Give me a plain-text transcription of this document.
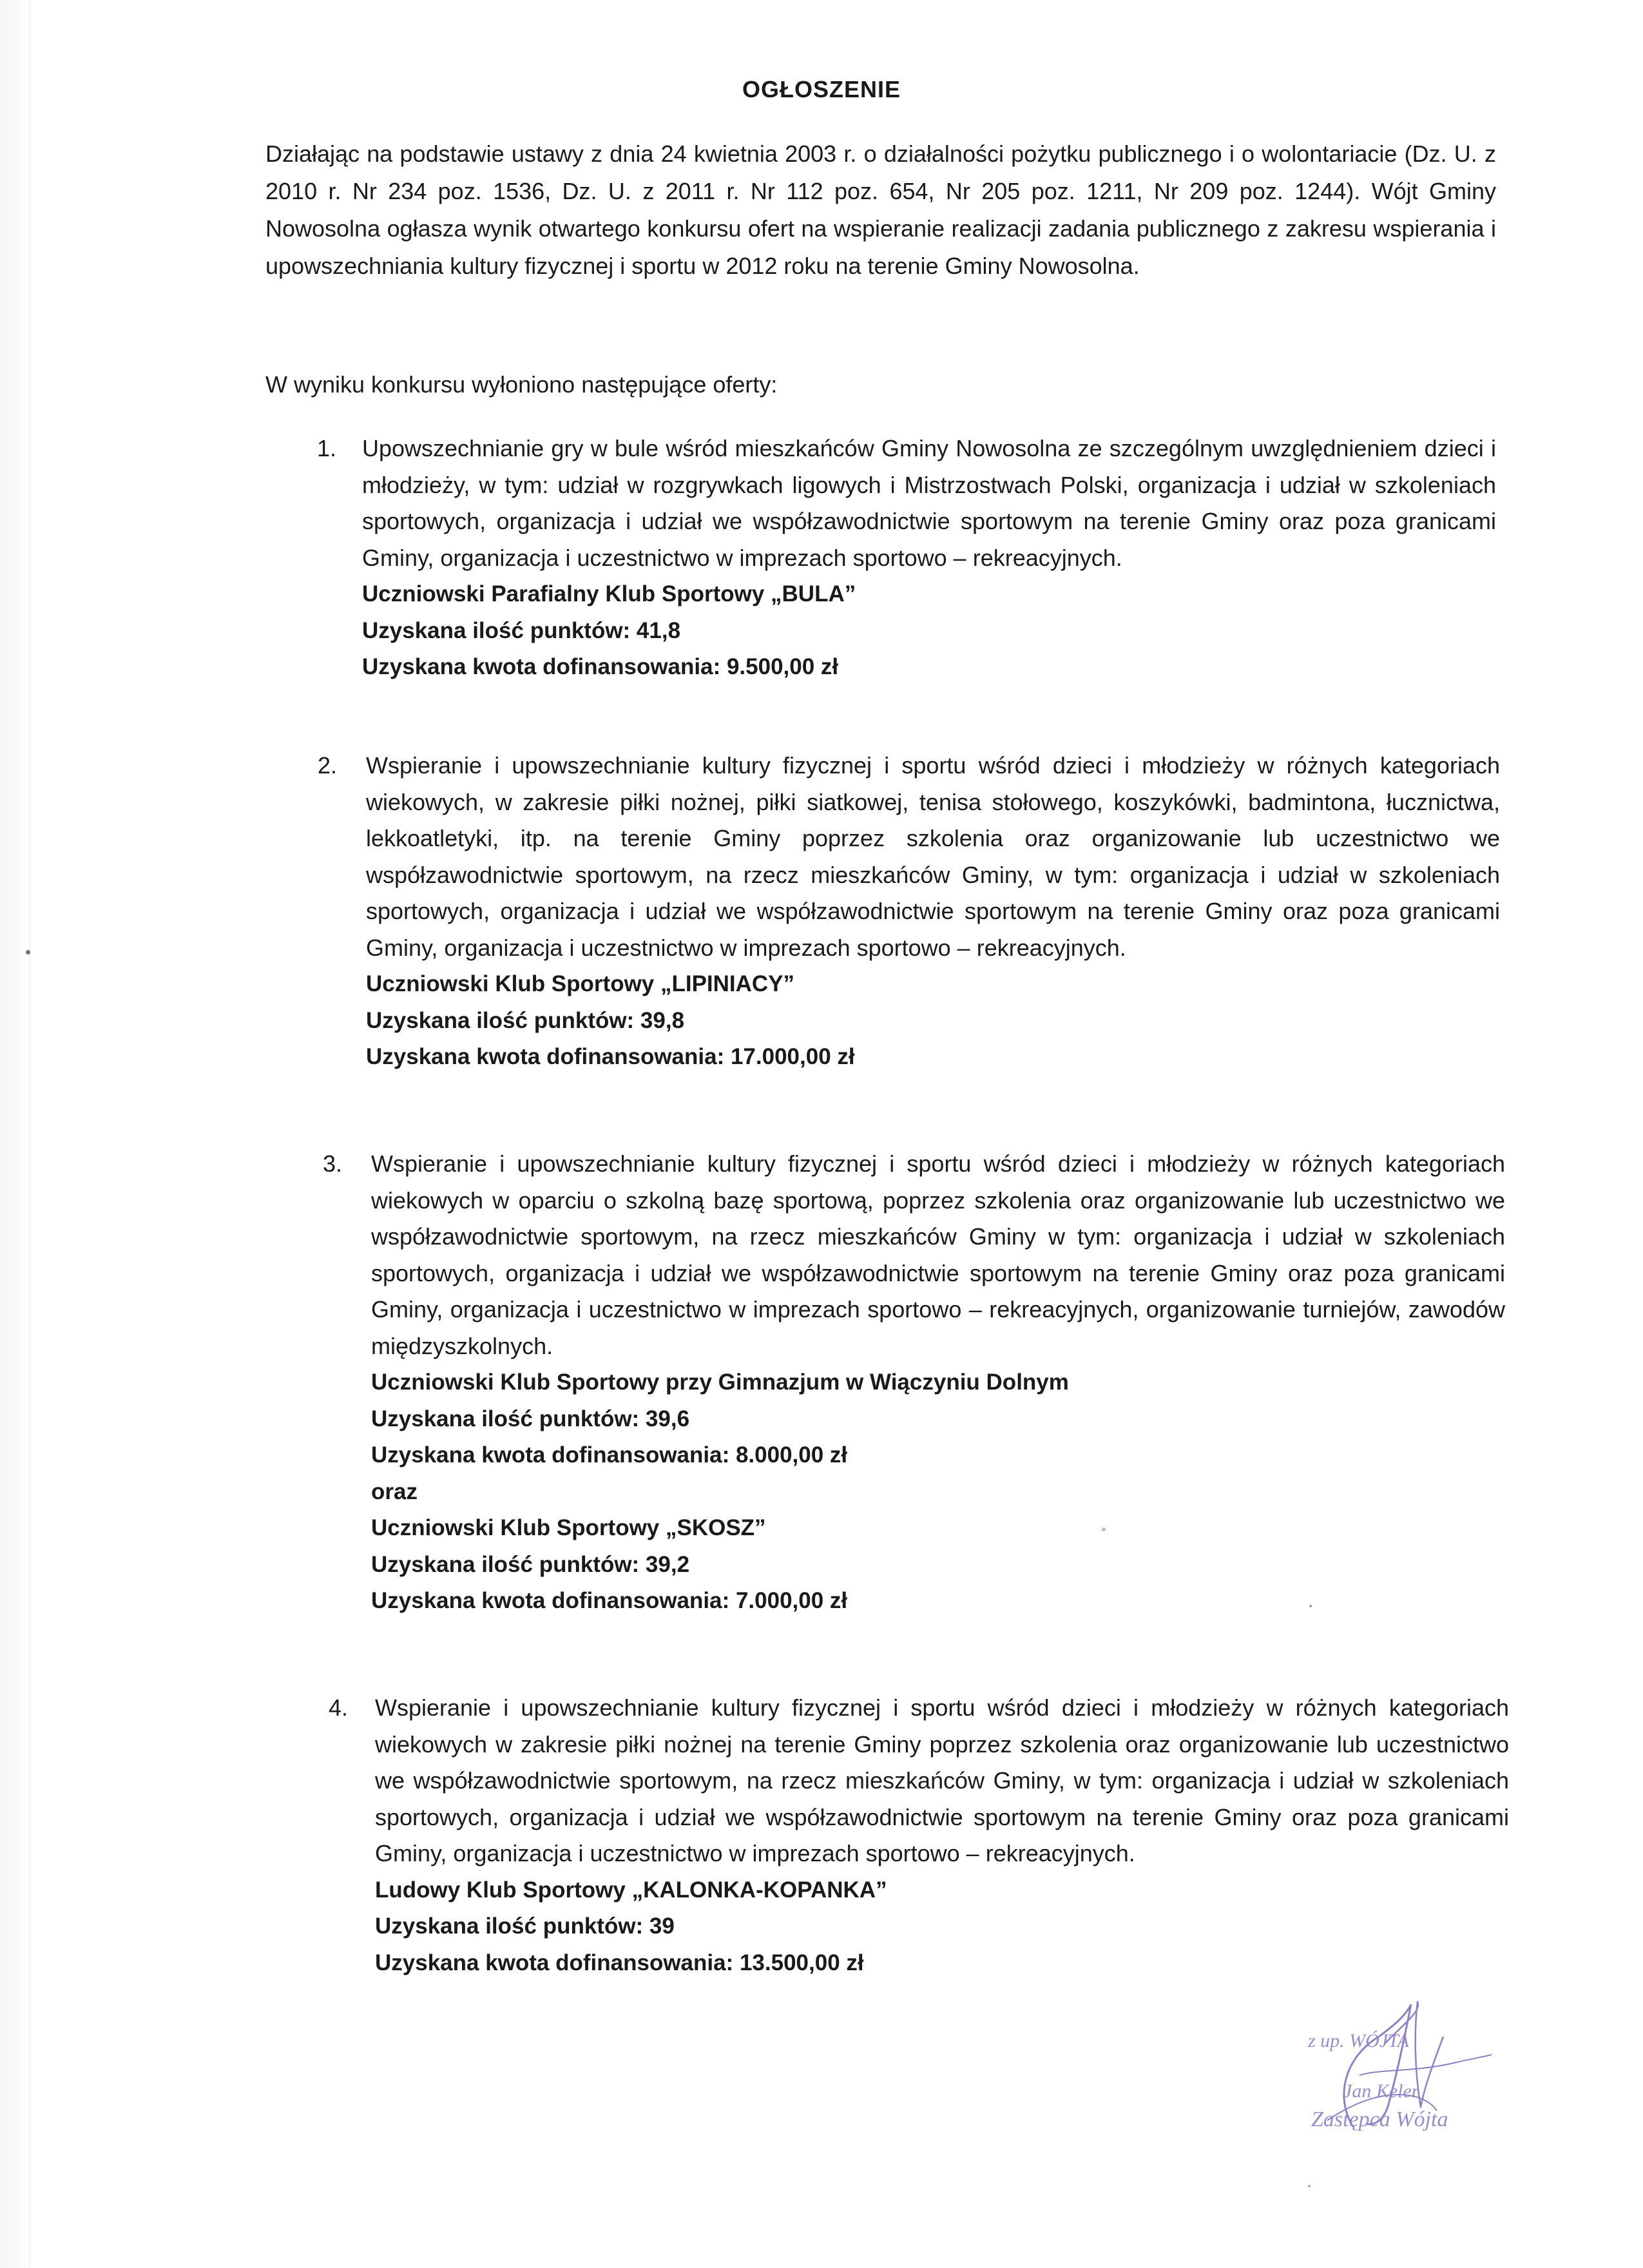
OGŁOSZENIE
Działając na podstawie ustawy z dnia 24 kwietnia 2003 r. o działalności pożytku publicznego i o wolontariacie (Dz. U. z 2010 r. Nr 234 poz. 1536, Dz. U. z 2011 r. Nr 112 poz. 654, Nr 205 poz. 1211, Nr 209 poz. 1244). Wójt Gminy Nowosolna ogłasza wynik otwartego konkursu ofert na wspieranie realizacji zadania publicznego z zakresu wspierania i upowszechniania kultury fizycznej i sportu w 2012 roku na terenie Gminy Nowosolna.
W wyniku konkursu wyłoniono następujące oferty:
1. Upowszechnianie gry w bule wśród mieszkańców Gminy Nowosolna ze szczególnym uwzględnieniem dzieci i młodzieży, w tym: udział w rozgrywkach ligowych i Mistrzostwach Polski, organizacja i udział w szkoleniach sportowych, organizacja i udział we współzawodnictwie sportowym na terenie Gminy oraz poza granicami Gminy, organizacja i uczestnictwo w imprezach sportowo – rekreacyjnych.
Uczniowski Parafialny Klub Sportowy „BULA”
Uzyskana ilość punktów: 41,8
Uzyskana kwota dofinansowania: 9.500,00 zł
2. Wspieranie i upowszechnianie kultury fizycznej i sportu wśród dzieci i młodzieży w różnych kategoriach wiekowych, w zakresie piłki nożnej, piłki siatkowej, tenisa stołowego, koszykówki, badmintona, łucznictwa, lekkoatletyki, itp. na terenie Gminy poprzez szkolenia oraz organizowanie lub uczestnictwo we współzawodnictwie sportowym, na rzecz mieszkańców Gminy, w tym: organizacja i udział w szkoleniach sportowych, organizacja i udział we współzawodnictwie sportowym na terenie Gminy oraz poza granicami Gminy, organizacja i uczestnictwo w imprezach sportowo – rekreacyjnych.
Uczniowski Klub Sportowy „LIPINIACY”
Uzyskana ilość punktów: 39,8
Uzyskana kwota dofinansowania: 17.000,00 zł
3. Wspieranie i upowszechnianie kultury fizycznej i sportu wśród dzieci i młodzieży w różnych kategoriach wiekowych w oparciu o szkolną bazę sportową, poprzez szkolenia oraz organizowanie lub uczestnictwo we współzawodnictwie sportowym, na rzecz mieszkańców Gminy w tym: organizacja i udział w szkoleniach sportowych, organizacja i udział we współzawodnictwie sportowym na terenie Gminy oraz poza granicami Gminy, organizacja i uczestnictwo w imprezach sportowo – rekreacyjnych, organizowanie turniejów, zawodów międzyszkolnych.
Uczniowski Klub Sportowy przy Gimnazjum w Wiączyniu Dolnym
Uzyskana ilość punktów: 39,6
Uzyskana kwota dofinansowania: 8.000,00 zł
oraz
Uczniowski Klub Sportowy „SKOSZ”
Uzyskana ilość punktów: 39,2
Uzyskana kwota dofinansowania: 7.000,00 zł
4. Wspieranie i upowszechnianie kultury fizycznej i sportu wśród dzieci i młodzieży w różnych kategoriach wiekowych w zakresie piłki nożnej na terenie Gminy poprzez szkolenia oraz organizowanie lub uczestnictwo we współzawodnictwie sportowym, na rzecz mieszkańców Gminy, w tym: organizacja i udział w szkoleniach sportowych, organizacja i udział we współzawodnictwie sportowym na terenie Gminy oraz poza granicami Gminy, organizacja i uczestnictwo w imprezach sportowo – rekreacyjnych.
Ludowy Klub Sportowy „KALONKA-KOPANKA”
Uzyskana ilość punktów: 39
Uzyskana kwota dofinansowania: 13.500,00 zł
z up. WÓJTA
Jan Keler
Zastępca Wójta
